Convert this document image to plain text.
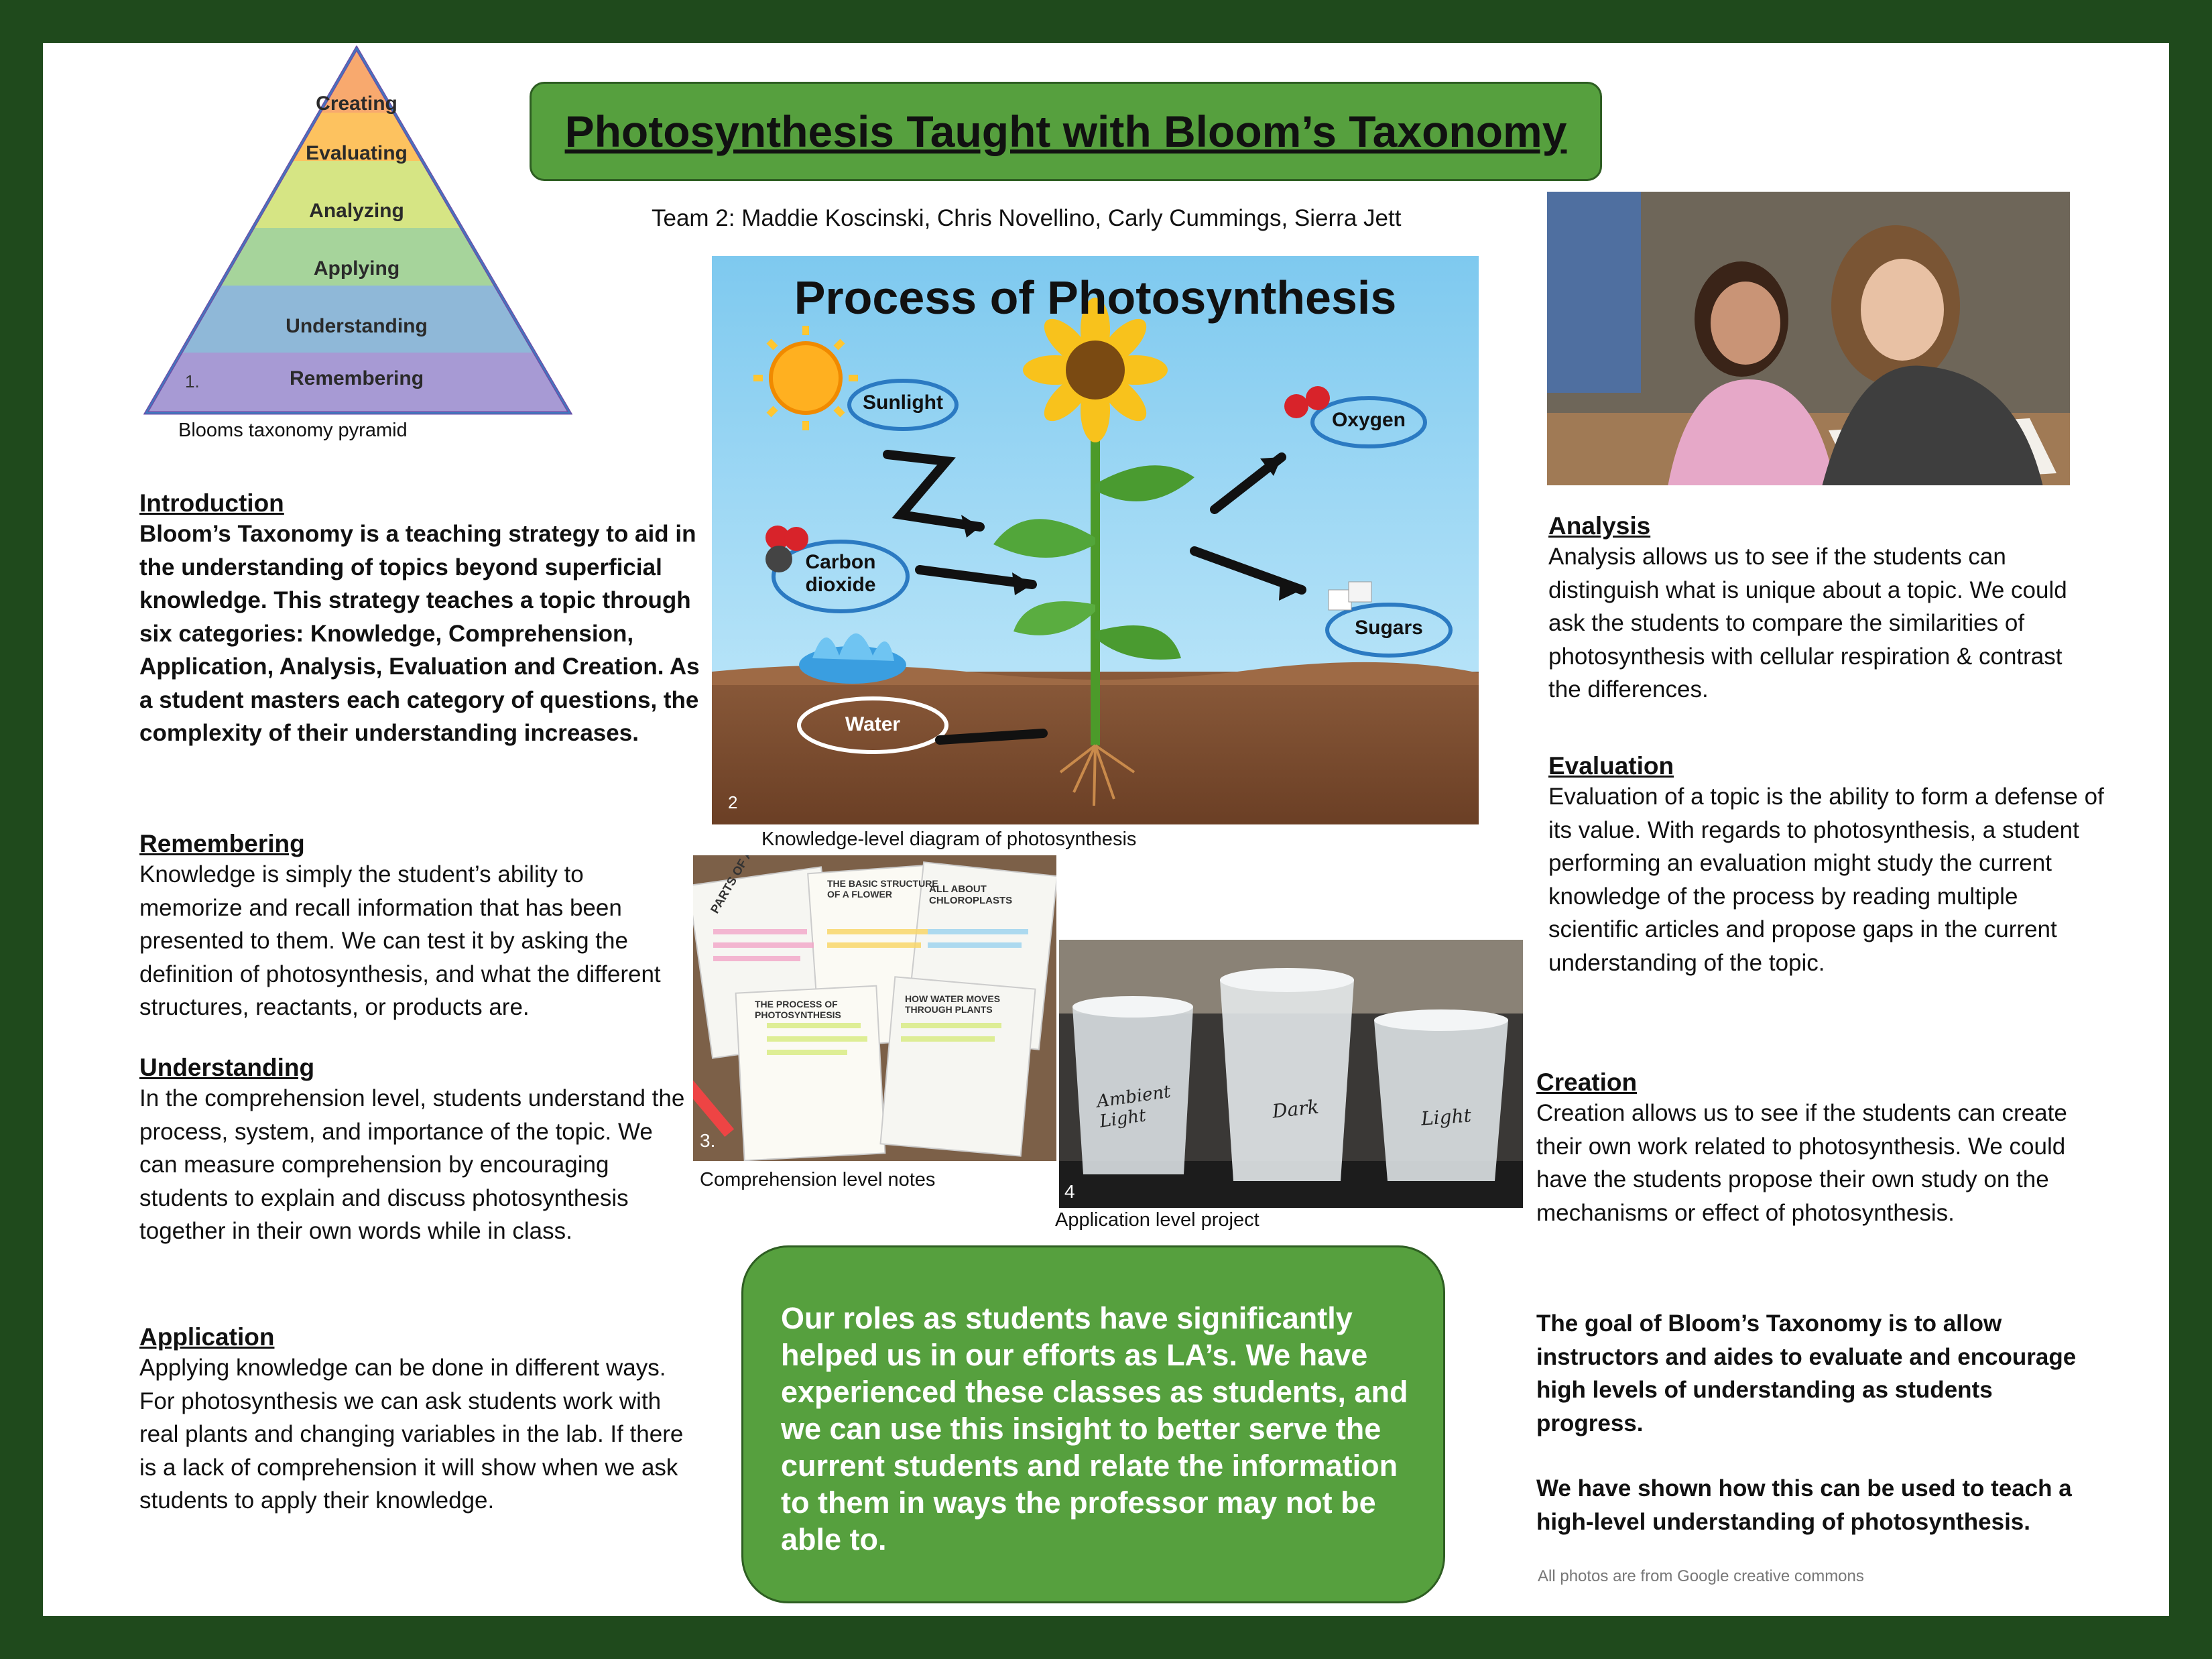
Photosynthesis Taught with Bloom’s Taxonomy
Team 2: Maddie Koscinski, Chris Novellino, Carly Cummings, Sierra Jett
Creating
Evaluating
Analyzing
Applying
Understanding
Remembering
1.
Blooms taxonomy pyramid
Process of Photosynthesis
Sunlight
Oxygen
Carbon
dioxide
Sugars
Water
2
Knowledge-level diagram of photosynthesis
THE BASIC STRUCTURE OF A FLOWER	ALL ABOUT CHLOROPLASTS
THE PROCESS OF PHOTOSYNTHESIS
HOW WATER MOVES THROUGH PLANTS
3.
Comprehension level notes
Ambient Light	Dark	Light
4
Application level project
Introduction
Bloom’s Taxonomy is a teaching strategy to aid in the understanding of topics beyond superficial knowledge. This strategy teaches a topic through six categories: Knowledge, Comprehension, Application, Analysis, Evaluation and Creation. As a student masters each category of questions, the complexity of their understanding increases.
Remembering
Knowledge is simply the student’s ability to memorize and recall information that has been presented to them. We can test it by asking the definition of photosynthesis, and what the different structures, reactants, or products are.
Understanding
In the comprehension level, students understand the process, system, and importance of the topic. We can measure comprehension by encouraging students to explain and discuss photosynthesis together in their own words while in class.
Application
Applying knowledge can be done in different ways. For photosynthesis we can ask students work with real plants and changing variables in the lab. If there is a lack of comprehension it will show when we ask students to apply their knowledge.
Analysis
Analysis allows us to see if the students can distinguish what is unique about a topic. We could ask the students to compare the similarities of photosynthesis with cellular respiration & contrast the differences.
Evaluation
Evaluation of a topic is the ability to form a defense of its value. With regards to photosynthesis, a student performing an evaluation might study the current knowledge of the process by reading multiple scientific articles and propose gaps in the current understanding of the topic.
Creation
Creation allows us to see if the students can create their own work related to photosynthesis. We could have the students propose their own study on the mechanisms or effect of photosynthesis.
The goal of Bloom’s Taxonomy is to allow instructors and aides to evaluate and encourage high levels of understanding as students progress.
We have shown how this can be used to teach a high-level understanding of photosynthesis.
All photos are from Google creative commons
Our roles as students have significantly helped us in our efforts as LA’s. We have experienced these classes as students, and we can use this insight to better serve the current students and relate the information to them in ways the professor may not be able to.
